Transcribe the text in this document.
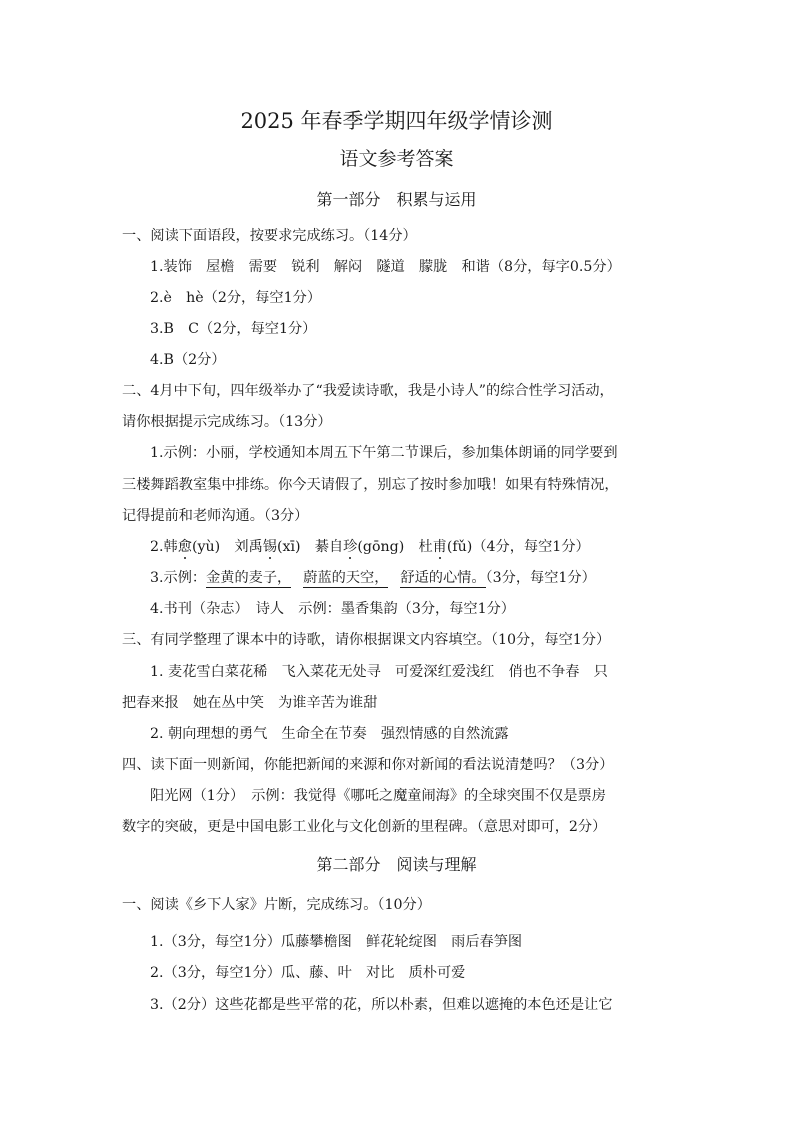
2025 年春季学期四年级学情诊测
语文参考答案
第一部分　积累与运用
一、阅读下面语段，按要求完成练习。（14分）
1.装饰　屋檐　需要　锐利　解闷　隧道　朦胧　和谐（8分，每字0.5分）
2.è　hè（2分，每空1分）
3.B　C（2分，每空1分）
4.B（2分）
二、4月中下旬，四年级举办了“我爱读诗歌，我是小诗人”的综合性学习活动，
请你根据提示完成练习。（13分）
1.示例：小丽，学校通知本周五下午第二节课后，参加集体朗诵的同学要到
三楼舞蹈教室集中排练。你今天请假了，别忘了按时参加哦！如果有特殊情况，
记得提前和老师沟通。（3分）
2.韩愈(yù)　刘禹锡(xī)　綦自珍(gōng)　杜甫(fǔ)（4分，每空1分）
3.示例：金黄的麦子， 蔚蓝的天空， 舒适的心情。（3分，每空1分）
4.书刊（杂志）　诗人　示例：墨香集韵（3分，每空1分）
三、有同学整理了课本中的诗歌，请你根据课文内容填空。（10分，每空1分）
1. 麦花雪白菜花稀　飞入菜花无处寻　可爱深红爱浅红　俏也不争春　只
把春来报　她在丛中笑　为谁辛苦为谁甜
2. 朝向理想的勇气　生命全在节奏　强烈情感的自然流露
四、读下面一则新闻，你能把新闻的来源和你对新闻的看法说清楚吗？（3分）
阳光网（1分）　示例：我觉得《哪吒之魔童闹海》的全球突围不仅是票房
数字的突破，更是中国电影工业化与文化创新的里程碑。（意思对即可，2分）
第二部分　阅读与理解
一、阅读《乡下人家》片断，完成练习。（10分）
1.（3分，每空1分）瓜藤攀檐图　鲜花轮绽图　雨后春笋图
2.（3分，每空1分）瓜、藤、叶　对比　质朴可爱
3.（2分）这些花都是些平常的花，所以朴素，但难以遮掩的本色还是让它
